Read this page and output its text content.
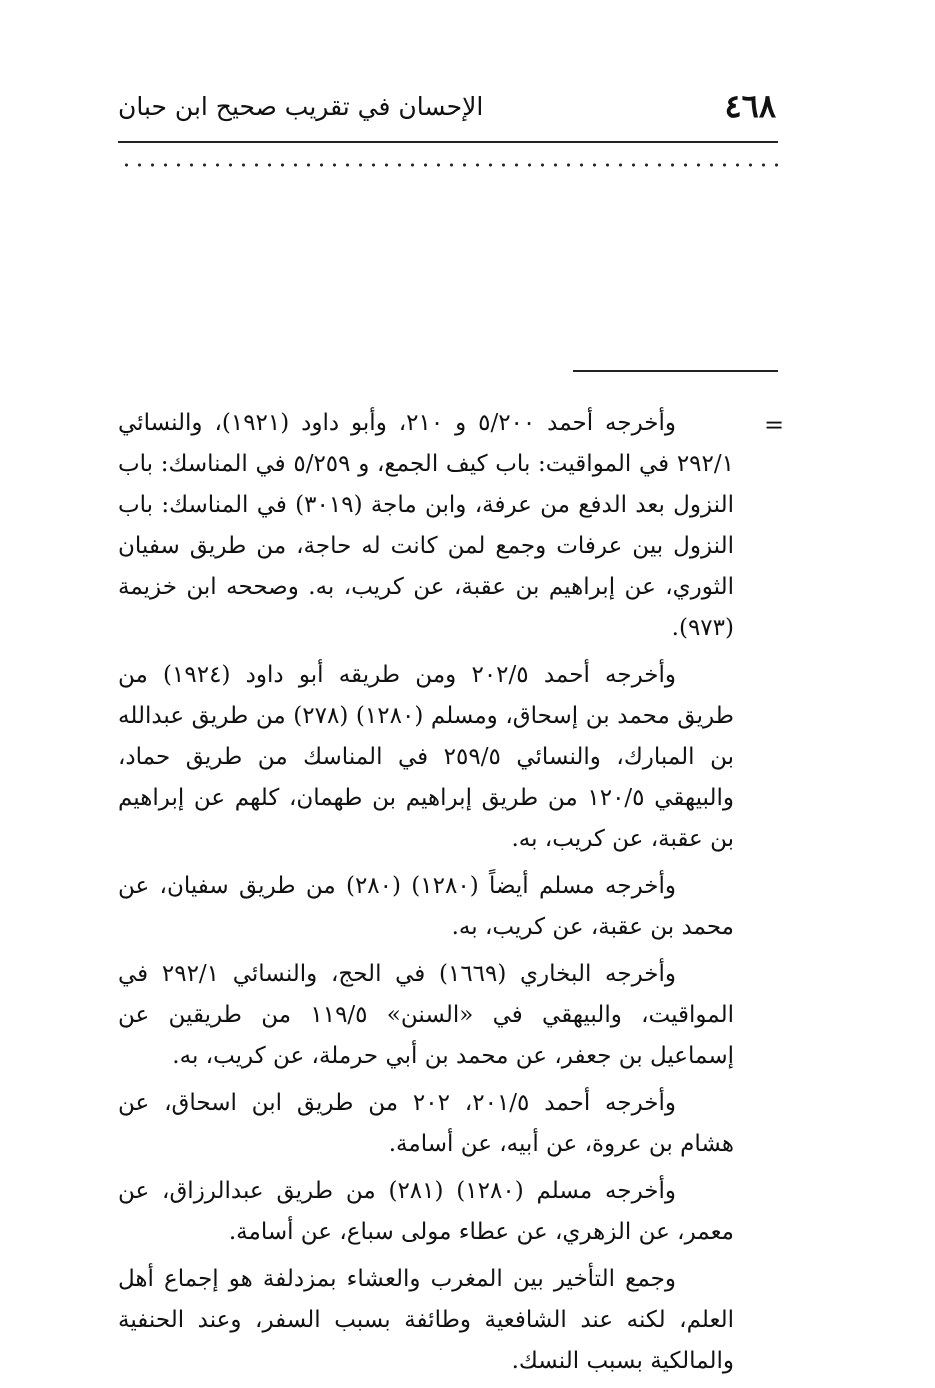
٤٦٨
الإحسان في تقريب صحيح ابن حبان
=

وأخرجه أحمد ٥/٢٠٠ و ٢١٠، وأبو داود (١٩٢١)، والنسائي ٢٩٢/١ في المواقيت: باب كيف الجمع، و ٥/٢٥٩ في المناسك: باب النزول بعد الدفع من عرفة، وابن ماجة (٣٠١٩) في المناسك: باب النزول بين عرفات وجمع لمن كانت له حاجة، من طريق سفيان الثوري، عن إبراهيم بن عقبة، عن كريب، به. وصححه ابن خزيمة (٩٧٣).

وأخرجه أحمد ٢٠٢/٥ ومن طريقه أبو داود (١٩٢٤) من طريق محمد بن إسحاق، ومسلم (١٢٨٠) (٢٧٨) من طريق عبدالله بن المبارك، والنسائي ٢٥٩/٥ في المناسك من طريق حماد، والبيهقي ١٢٠/٥ من طريق إبراهيم بن طهمان، كلهم عن إبراهيم بن عقبة، عن كريب، به.

وأخرجه مسلم أيضاً (١٢٨٠) (٢٨٠) من طريق سفيان، عن محمد بن عقبة، عن كريب، به.

وأخرجه البخاري (١٦٦٩) في الحج، والنسائي ٢٩٢/١ في المواقيت، والبيهقي في «السنن» ١١٩/٥ من طريقين عن إسماعيل بن جعفر، عن محمد بن أبي حرملة، عن كريب، به.

وأخرجه أحمد ٢٠١/٥، ٢٠٢ من طريق ابن اسحاق، عن هشام بن عروة، عن أبيه، عن أسامة.

وأخرجه مسلم (١٢٨٠) (٢٨١) من طريق عبدالرزاق، عن معمر، عن الزهري، عن عطاء مولى سباع، عن أسامة.

وجمع التأخير بين المغرب والعشاء بمزدلفة هو إجماع أهل العلم، لكنه عند الشافعية وطائفة بسبب السفر، وعند الحنفية والمالكية بسبب النسك.
